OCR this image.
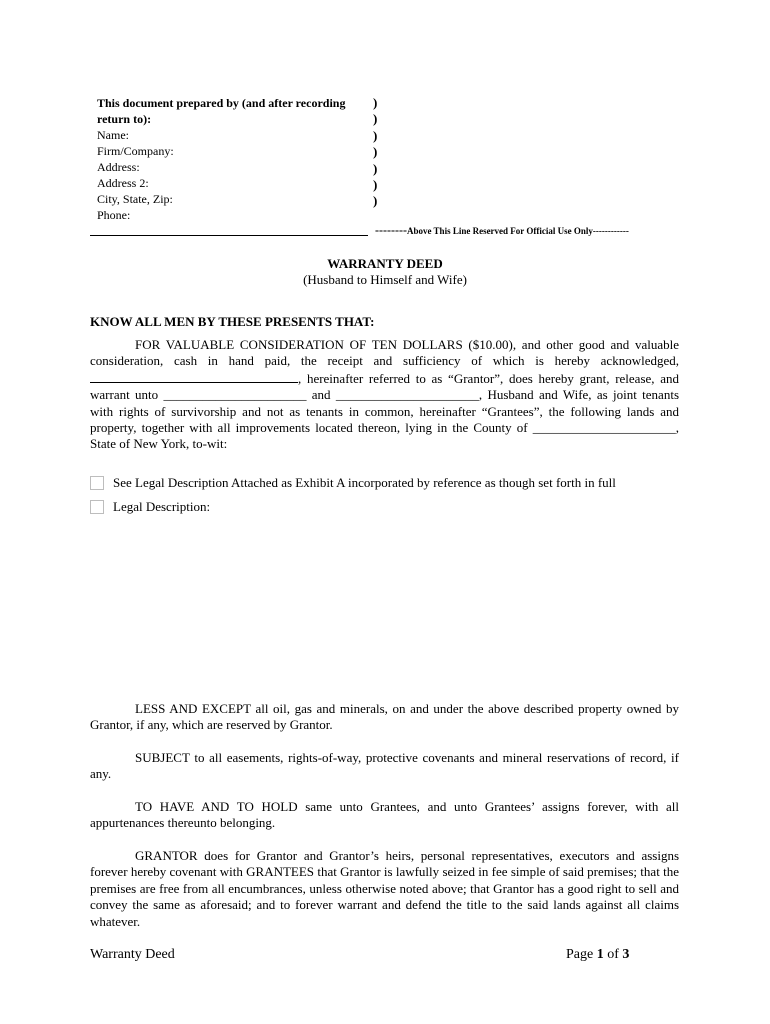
This document prepared by (and after recording return to):
Name:
Firm/Company:
Address:
Address 2:
City, State, Zip:
Phone:
)
)
)
)
)
)
)
--------Above This Line Reserved For Official Use Only------------
WARRANTY DEED
(Husband to Himself and Wife)
KNOW ALL MEN BY THESE PRESENTS THAT:

FOR VALUABLE CONSIDERATION OF TEN DOLLARS ($10.00), and other good and valuable consideration, cash in hand paid, the receipt and sufficiency of which is hereby acknowledged, , hereinafter referred to as “Grantor”, does hereby grant, release, and warrant unto ______________________ and ______________________, Husband and Wife, as joint tenants with rights of survivorship and not as tenants in common, hereinafter “Grantees”, the following lands and property, together with all improvements located thereon, lying in the County of ______________________, State of New York, to-wit:

See Legal Description Attached as Exhibit A incorporated by reference as though set forth in full
Legal Description:

LESS AND EXCEPT all oil, gas and minerals, on and under the above described property owned by Grantor, if any, which are reserved by Grantor.

SUBJECT to all easements, rights-of-way, protective covenants and mineral reservations of record, if any.

TO HAVE AND TO HOLD same unto Grantees, and unto Grantees’ assigns forever, with all appurtenances thereunto belonging.

GRANTOR does for Grantor and Grantor’s heirs, personal representatives, executors and assigns forever hereby covenant with GRANTEES that Grantor is lawfully seized in fee simple of said premises; that the premises are free from all encumbrances, unless otherwise noted above; that Grantor has a good right to sell and convey the same as aforesaid; and to forever warrant and defend the title to the said lands against all claims whatever.

Warranty Deed	Page 1 of 3
